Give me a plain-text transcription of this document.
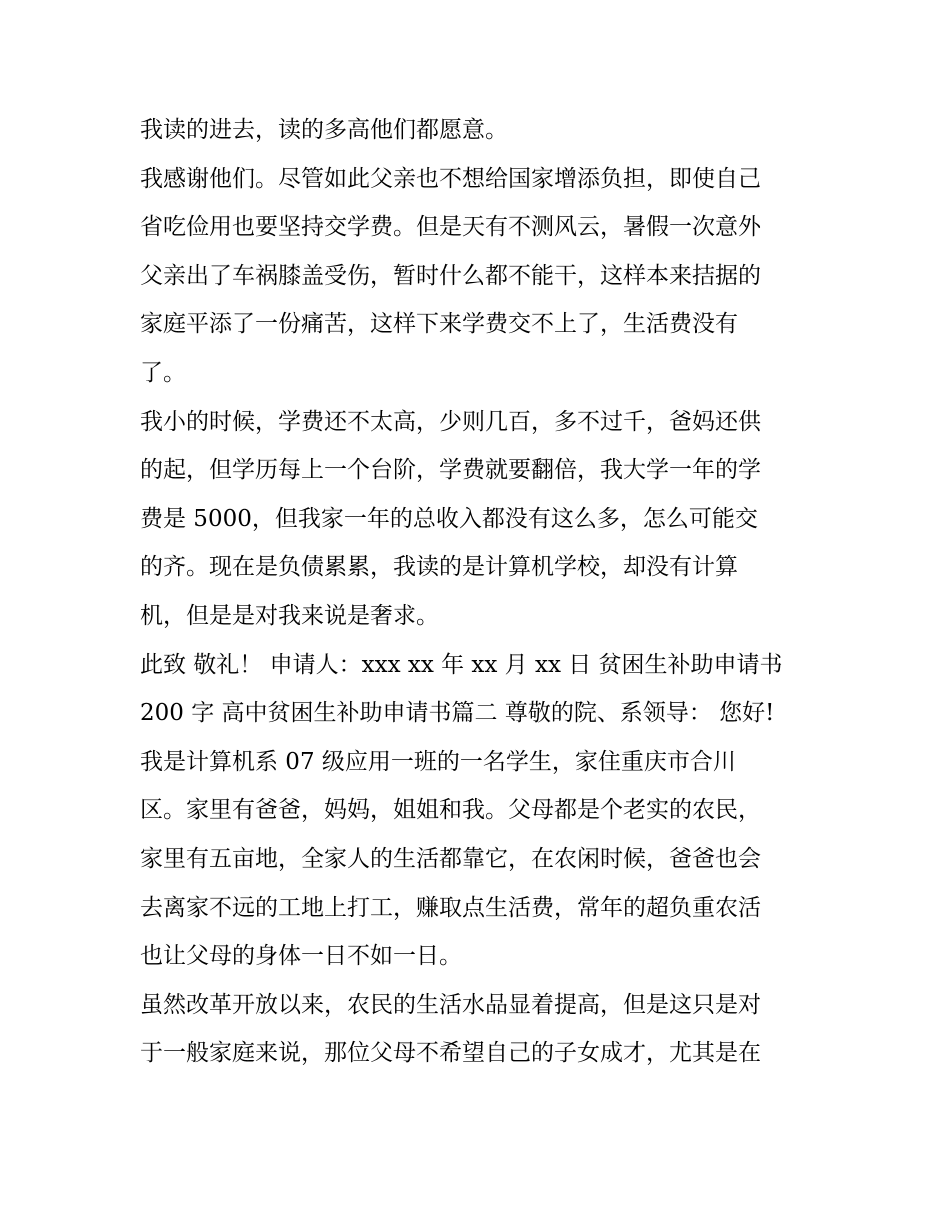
我读的进去，读的多高他们都愿意。
我感谢他们。尽管如此父亲也不想给国家增添负担，即使自己
省吃俭用也要坚持交学费。但是天有不测风云，暑假一次意外
父亲出了车祸膝盖受伤，暂时什么都不能干，这样本来拮据的
家庭平添了一份痛苦，这样下来学费交不上了，生活费没有
了。
我小的时候，学费还不太高，少则几百，多不过千，爸妈还供
的起，但学历每上一个台阶，学费就要翻倍，我大学一年的学
费是 5000，但我家一年的总收入都没有这么多，怎么可能交
的齐。现在是负债累累，我读的是计算机学校，却没有计算
机，但是是对我来说是奢求。
此致 敬礼！ 申请人：xxx xx 年 xx 月 xx 日 贫困生补助申请书
200 字 高中贫困生补助申请书篇二 尊敬的院、系领导： 您好!
我是计算机系 07 级应用一班的一名学生，家住重庆市合川
区。家里有爸爸，妈妈，姐姐和我。父母都是个老实的农民，
家里有五亩地，全家人的生活都靠它，在农闲时候，爸爸也会
去离家不远的工地上打工，赚取点生活费，常年的超负重农活
也让父母的身体一日不如一日。
虽然改革开放以来，农民的生活水品显着提高，但是这只是对
于一般家庭来说，那位父母不希望自己的子女成才，尤其是在
